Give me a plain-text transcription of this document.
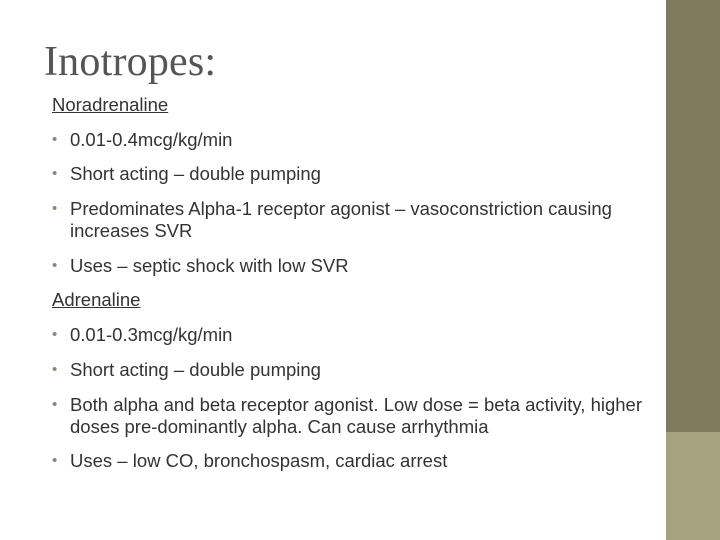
Inotropes:
Noradrenaline
• 0.01-0.4mcg/kg/min
• Short acting – double pumping
• Predominates Alpha-1 receptor agonist – vasoconstriction causing increases SVR
• Uses – septic shock with low SVR
Adrenaline
• 0.01-0.3mcg/kg/min
• Short acting – double pumping
• Both alpha and beta receptor agonist. Low dose = beta activity, higher doses pre-dominantly alpha. Can cause arrhythmia
• Uses – low CO, bronchospasm, cardiac arrest
